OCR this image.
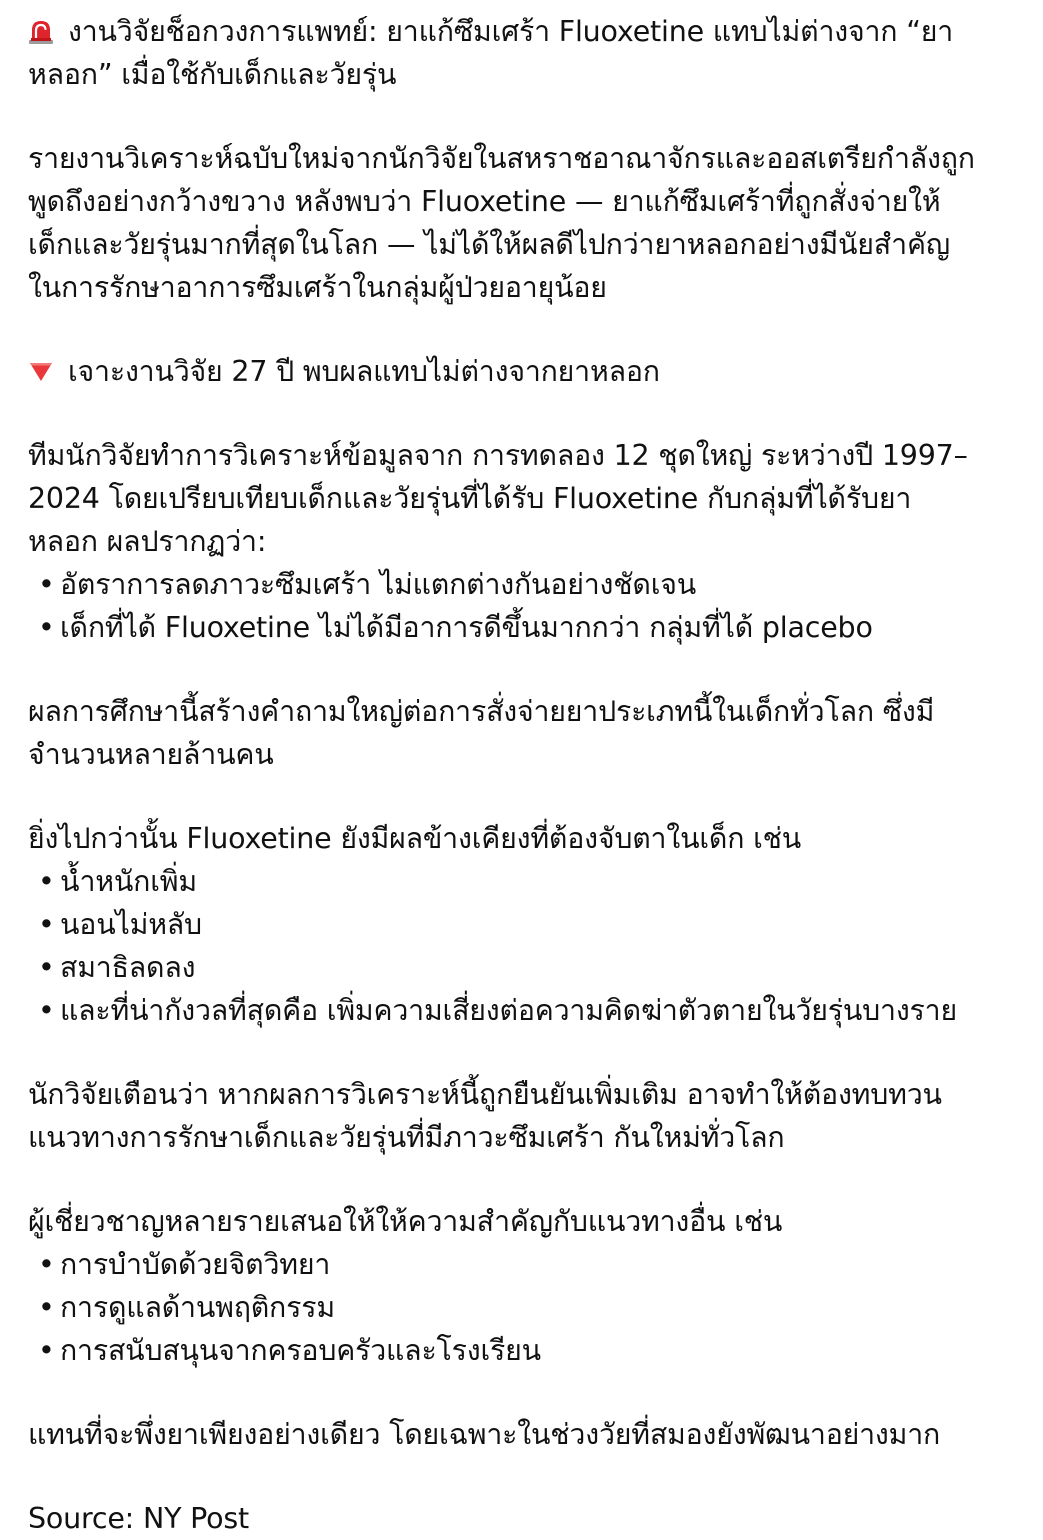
งานวิจัยช็อกวงการแพทย์: ยาแก้ซึมเศร้า Fluoxetine แทบไม่ต่างจาก “ยา
หลอก” เมื่อใช้กับเด็กและวัยรุ่น

รายงานวิเคราะห์ฉบับใหม่จากนักวิจัยในสหราชอาณาจักรและออสเตรียกำลังถูก
พูดถึงอย่างกว้างขวาง หลังพบว่า Fluoxetine — ยาแก้ซึมเศร้าที่ถูกสั่งจ่ายให้
เด็กและวัยรุ่นมากที่สุดในโลก — ไม่ได้ให้ผลดีไปกว่ายาหลอกอย่างมีนัยสำคัญ
ในการรักษาอาการซึมเศร้าในกลุ่มผู้ป่วยอายุน้อย

เจาะงานวิจัย 27 ปี พบผลแทบไม่ต่างจากยาหลอก

ทีมนักวิจัยทำการวิเคราะห์ข้อมูลจาก การทดลอง 12 ชุดใหญ่ ระหว่างปี 1997–
2024 โดยเปรียบเทียบเด็กและวัยรุ่นที่ได้รับ Fluoxetine กับกลุ่มที่ได้รับยา
หลอก ผลปรากฏว่า:

• อัตราการลดภาวะซึมเศร้า ไม่แตกต่างกันอย่างชัดเจน
• เด็กที่ได้ Fluoxetine ไม่ได้มีอาการดีขึ้นมากกว่า กลุ่มที่ได้ placebo

ผลการศึกษานี้สร้างคำถามใหญ่ต่อการสั่งจ่ายยาประเภทนี้ในเด็กทั่วโลก ซึ่งมี
จำนวนหลายล้านคน

ยิ่งไปกว่านั้น Fluoxetine ยังมีผลข้างเคียงที่ต้องจับตาในเด็ก เช่น

• น้ำหนักเพิ่ม
• นอนไม่หลับ
• สมาธิลดลง
• และที่น่ากังวลที่สุดคือ เพิ่มความเสี่ยงต่อความคิดฆ่าตัวตายในวัยรุ่นบางราย

นักวิจัยเตือนว่า หากผลการวิเคราะห์นี้ถูกยืนยันเพิ่มเติม อาจทำให้ต้องทบทวน
แนวทางการรักษาเด็กและวัยรุ่นที่มีภาวะซึมเศร้า กันใหม่ทั่วโลก

ผู้เชี่ยวชาญหลายรายเสนอให้ให้ความสำคัญกับแนวทางอื่น เช่น

• การบำบัดด้วยจิตวิทยา
• การดูแลด้านพฤติกรรม
• การสนับสนุนจากครอบครัวและโรงเรียน

แทนที่จะพึ่งยาเพียงอย่างเดียว โดยเฉพาะในช่วงวัยที่สมองยังพัฒนาอย่างมาก

Source: NY Post
